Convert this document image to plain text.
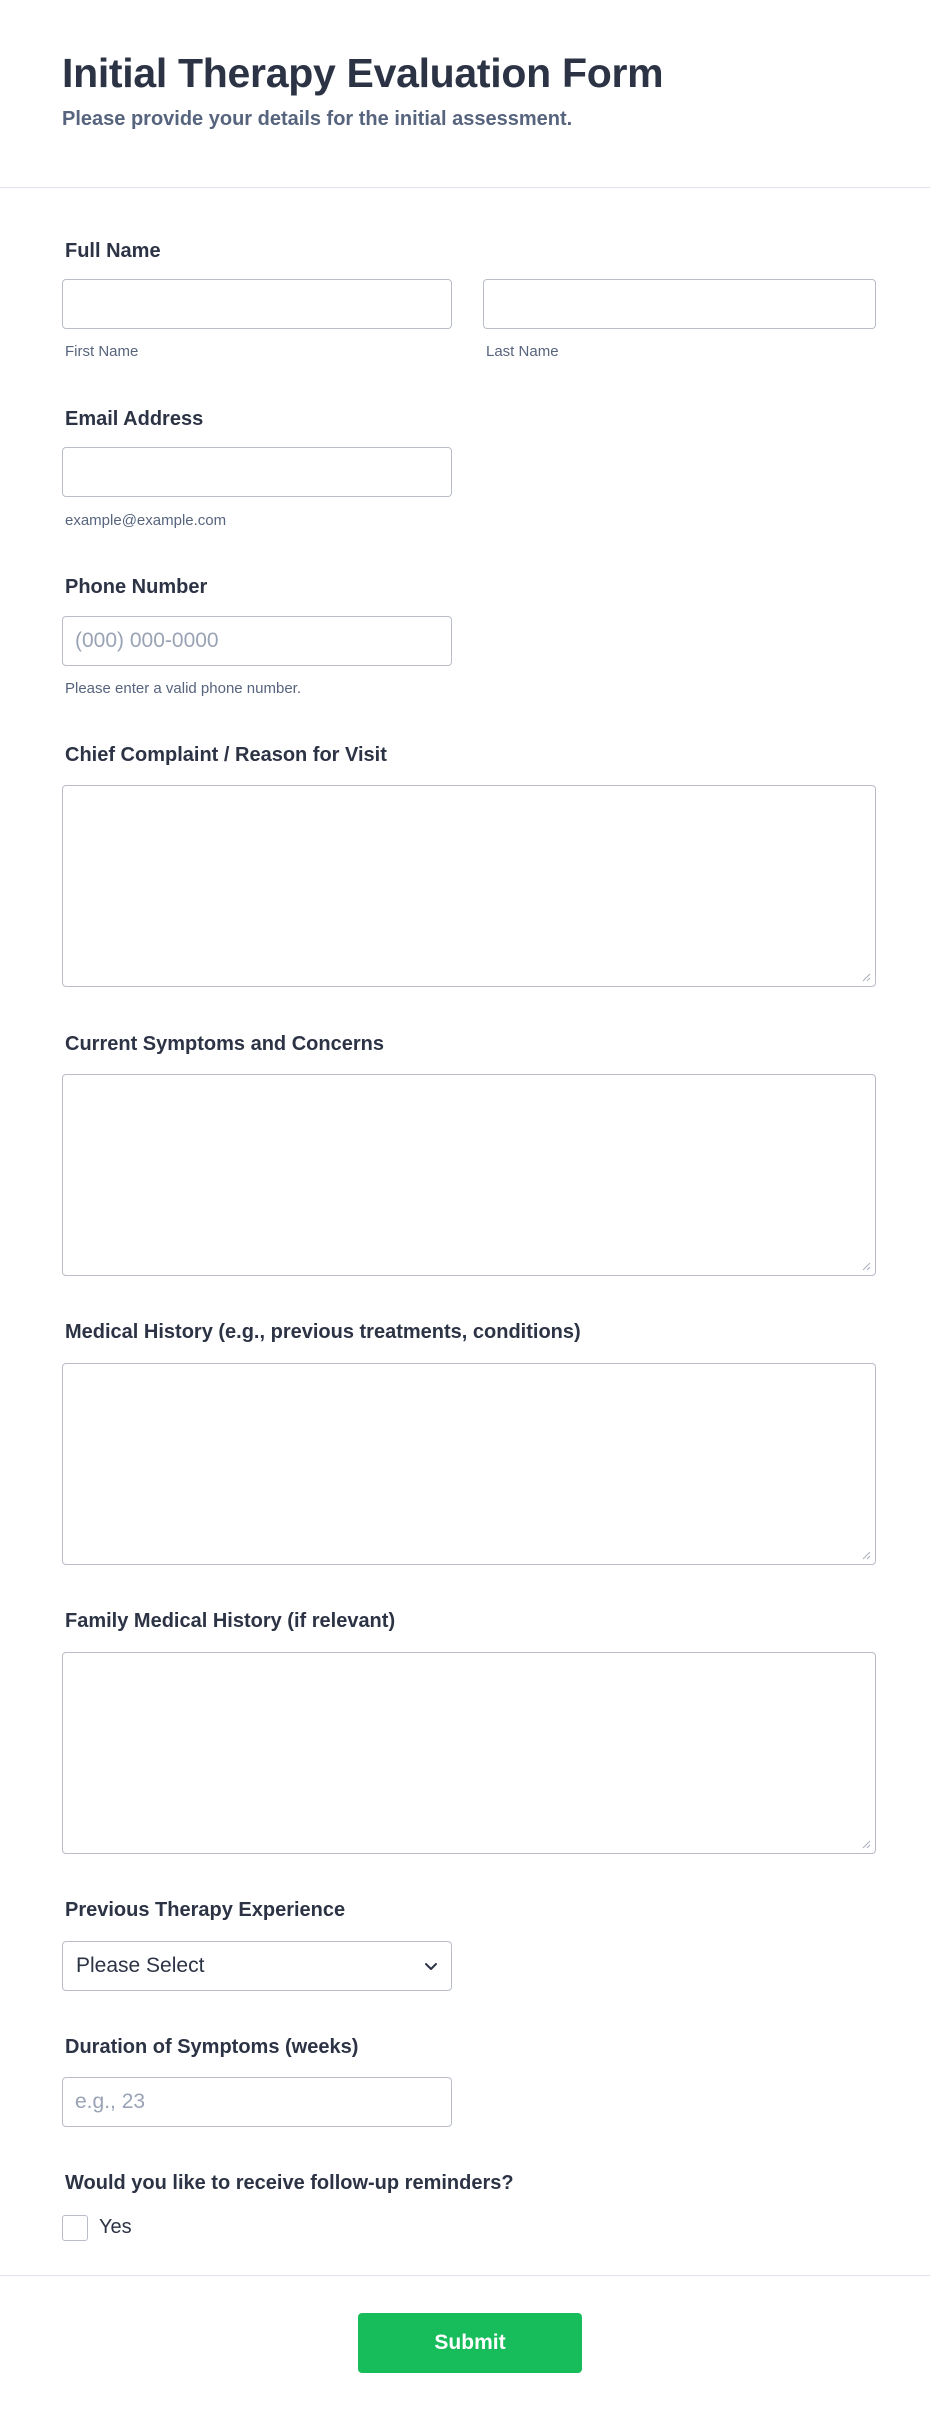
Initial Therapy Evaluation Form
Please provide your details for the initial assessment.
Full Name
First Name	Last Name
Email Address
example@example.com
Phone Number
(000) 000-0000
Please enter a valid phone number.
Chief Complaint / Reason for Visit
Current Symptoms and Concerns
Medical History (e.g., previous treatments, conditions)
Family Medical History (if relevant)
Previous Therapy Experience
Please Select
Duration of Symptoms (weeks)
e.g., 23
Would you like to receive follow-up reminders?
Yes
Submit
